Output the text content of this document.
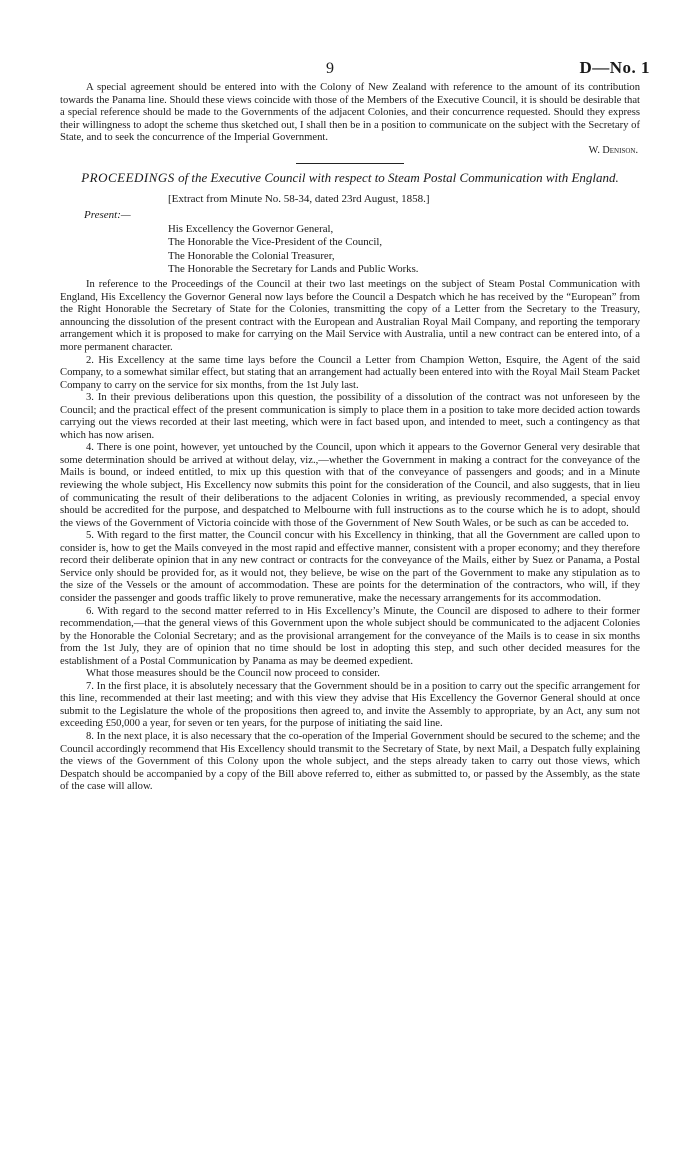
9	D—No. 1

A special agreement should be entered into with the Colony of New Zealand with reference to the amount of its contribution towards the Panama line. Should these views coincide with those of the Members of the Executive Council, it is should be desirable that a special reference should be made to the Governments of the adjacent Colonies, and their concurrence requested. Should they express their willingness to adopt the scheme thus sketched out, I shall then be in a position to communicate on the subject with the Secretary of State, and to seek the concurrence of the Imperial Government.

W. Denison.

PROCEEDINGS of the Executive Council with respect to Steam Postal Communication with England.
[Extract from Minute No. 58-34, dated 23rd August, 1858.]
Present:—
His Excellency the Governor General,
The Honorable the Vice-President of the Council,
The Honorable the Colonial Treasurer,
The Honorable the Secretary for Lands and Public Works.

In reference to the Proceedings of the Council at their two last meetings on the subject of Steam Postal Communication with England, His Excellency the Governor General now lays before the Council a Despatch which he has received by the “European” from the Right Honorable the Secretary of State for the Colonies, transmitting the copy of a Letter from the Secretary to the Treasury, announcing the dissolution of the present contract with the European and Australian Royal Mail Company, and reporting the temporary arrangement which it is proposed to make for carrying on the Mail Service with Australia, until a new contract can be entered into, of a more permanent character.

2. His Excellency at the same time lays before the Council a Letter from Champion Wetton, Esquire, the Agent of the said Company, to a somewhat similar effect, but stating that an arrangement had actually been entered into with the Royal Mail Steam Packet Company to carry on the service for six months, from the 1st July last.

3. In their previous deliberations upon this question, the possibility of a dissolution of the contract was not unforeseen by the Council; and the practical effect of the present communication is simply to place them in a position to take more decided action towards carrying out the views recorded at their last meeting, which were in fact based upon, and intended to meet, such a contingency as that which has now arisen.

4. There is one point, however, yet untouched by the Council, upon which it appears to the Governor General very desirable that some determination should be arrived at without delay, viz.,—whether the Government in making a contract for the conveyance of the Mails is bound, or indeed entitled, to mix up this question with that of the conveyance of passengers and goods; and in a Minute reviewing the whole subject, His Excellency now submits this point for the consideration of the Council, and also suggests, that in lieu of communicating the result of their deliberations to the adjacent Colonies in writing, as previously recommended, a special envoy should be accredited for the purpose, and despatched to Melbourne with full instructions as to the course which he is to adopt, should the views of the Government of Victoria coincide with those of the Government of New South Wales, or be such as can be acceded to.

5. With regard to the first matter, the Council concur with his Excellency in thinking, that all the Government are called upon to consider is, how to get the Mails conveyed in the most rapid and effective manner, consistent with a proper economy; and they therefore record their deliberate opinion that in any new contract or contracts for the conveyance of the Mails, either by Suez or Panama, a Postal Service only should be provided for, as it would not, they believe, be wise on the part of the Government to make any stipulation as to the size of the Vessels or the amount of accommodation. These are points for the determination of the contractors, who will, if they consider the passenger and goods traffic likely to prove remunerative, make the necessary arrangements for its accommodation.

6. With regard to the second matter referred to in His Excellency’s Minute, the Council are disposed to adhere to their former recommendation,—that the general views of this Government upon the whole subject should be communicated to the adjacent Colonies by the Honorable the Colonial Secretary; and as the provisional arrangement for the conveyance of the Mails is to cease in six months from the 1st July, they are of opinion that no time should be lost in adopting this step, and such other decided measures for the establishment of a Postal Communication by Panama as may be deemed expedient.

What those measures should be the Council now proceed to consider.

7. In the first place, it is absolutely necessary that the Government should be in a position to carry out the specific arrangement for this line, recommended at their last meeting; and with this view they advise that His Excellency the Governor General should at once submit to the Legislature the whole of the propositions then agreed to, and invite the Assembly to appropriate, by an Act, any sum not exceeding £50,000 a year, for seven or ten years, for the purpose of initiating the said line.

8. In the next place, it is also necessary that the co-operation of the Imperial Government should be secured to the scheme; and the Council accordingly recommend that His Excellency should transmit to the Secretary of State, by next Mail, a Despatch fully explaining the views of the Government of this Colony upon the whole subject, and the steps already taken to carry out those views, which Despatch should be accompanied by a copy of the Bill above referred to, either as submitted to, or passed by the Assembly, as the state of the case will allow.
